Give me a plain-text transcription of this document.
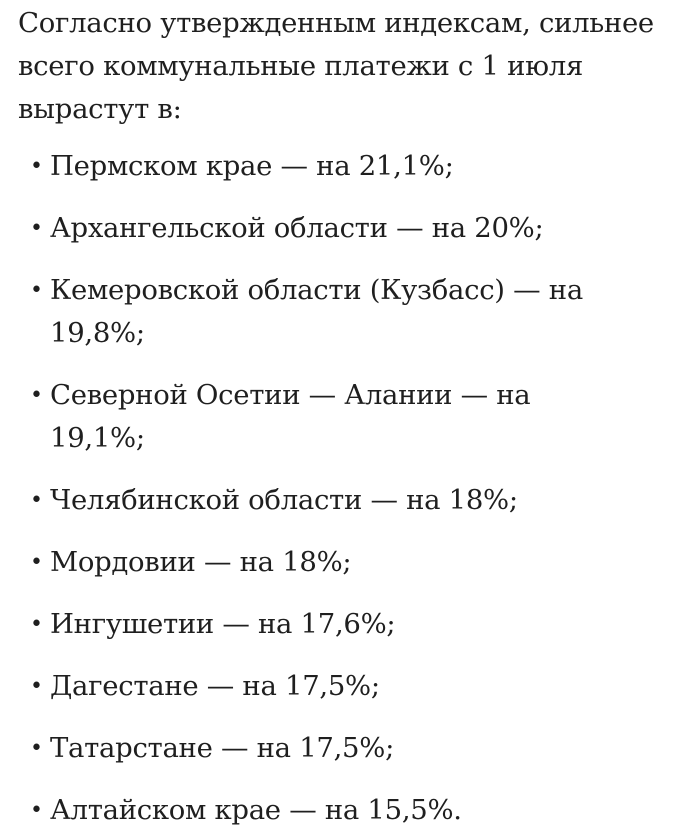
Согласно утвержденным индексам, сильнее всего коммунальные платежи с 1 июля вырастут в:

• Пермском крае — на 21,1%;
• Архангельской области — на 20%;
• Кемеровской области (Кузбасс) — на 19,8%;
• Северной Осетии — Алании — на 19,1%;
• Челябинской области — на 18%;
• Мордовии — на 18%;
• Ингушетии — на 17,6%;
• Дагестане — на 17,5%;
• Татарстане — на 17,5%;
• Алтайском крае — на 15,5%.
